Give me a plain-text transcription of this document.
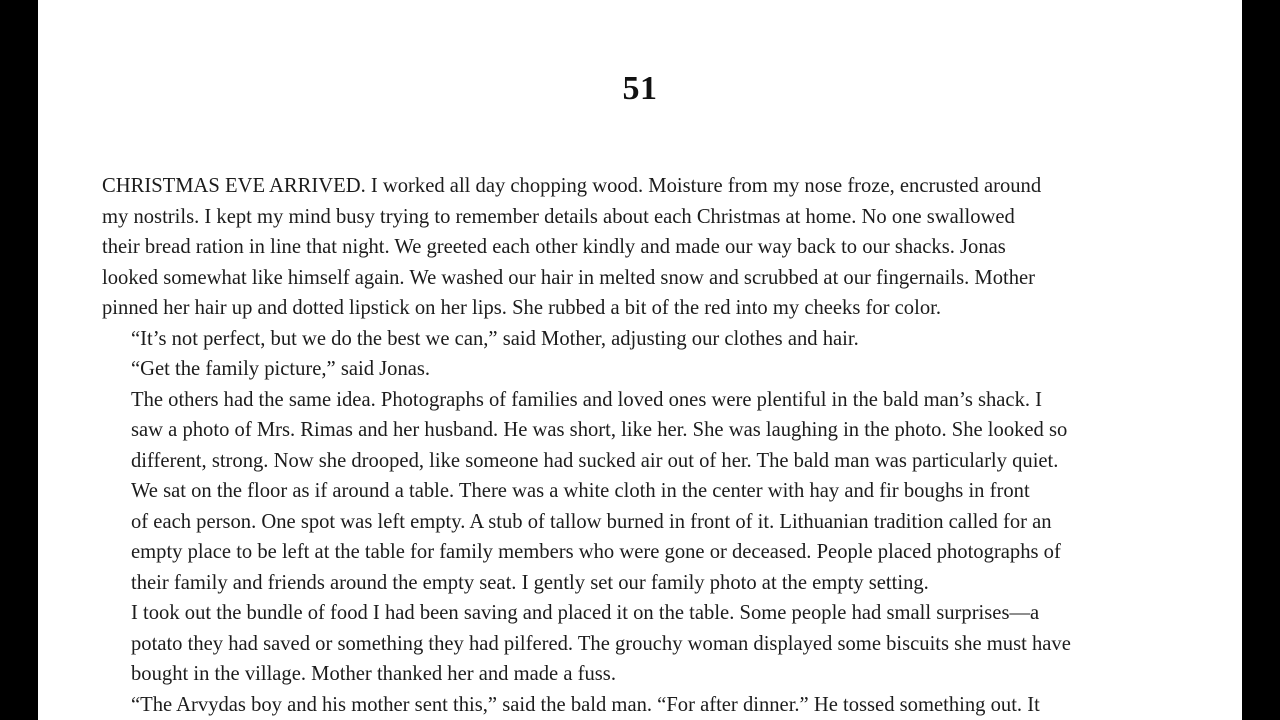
51

CHRISTMAS EVE ARRIVED. I worked all day chopping wood. Moisture from my nose froze, encrusted around
my nostrils. I kept my mind busy trying to remember details about each Christmas at home. No one swallowed
their bread ration in line that night. We greeted each other kindly and made our way back to our shacks. Jonas
looked somewhat like himself again. We washed our hair in melted snow and scrubbed at our fingernails. Mother
pinned her hair up and dotted lipstick on her lips. She rubbed a bit of the red into my cheeks for color.

“It’s not perfect, but we do the best we can,” said Mother, adjusting our clothes and hair.

“Get the family picture,” said Jonas.

The others had the same idea. Photographs of families and loved ones were plentiful in the bald man’s shack. I
saw a photo of Mrs. Rimas and her husband. He was short, like her. She was laughing in the photo. She looked so
different, strong. Now she drooped, like someone had sucked air out of her. The bald man was particularly quiet.

We sat on the floor as if around a table. There was a white cloth in the center with hay and fir boughs in front
of each person. One spot was left empty. A stub of tallow burned in front of it. Lithuanian tradition called for an
empty place to be left at the table for family members who were gone or deceased. People placed photographs of
their family and friends around the empty seat. I gently set our family photo at the empty setting.

I took out the bundle of food I had been saving and placed it on the table. Some people had small surprises—a
potato they had saved or something they had pilfered. The grouchy woman displayed some biscuits she must have
bought in the village. Mother thanked her and made a fuss.

“The Arvydas boy and his mother sent this,” said the bald man. “For after dinner.” He tossed something out. It
